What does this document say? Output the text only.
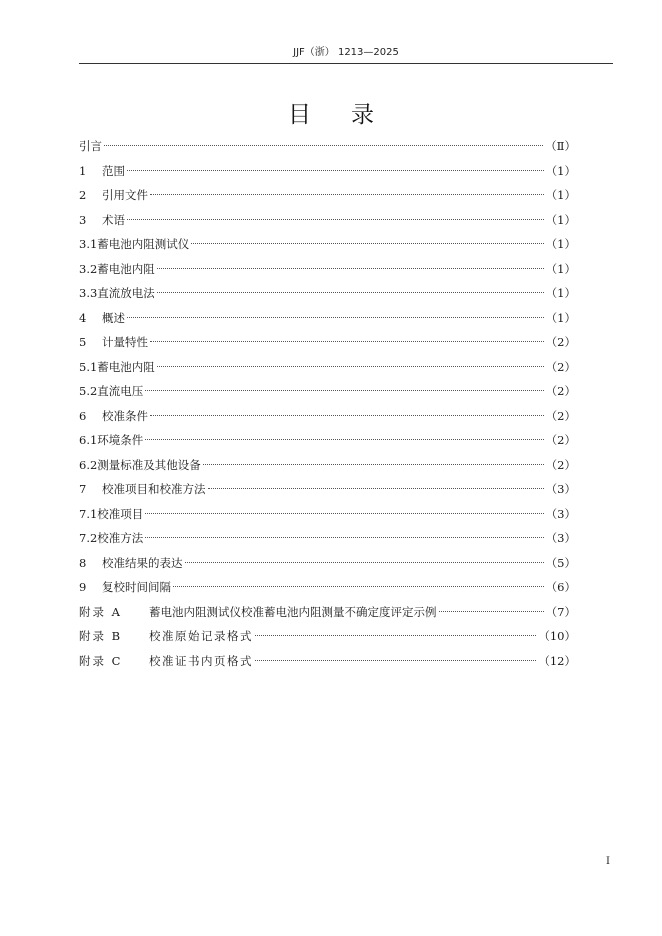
JJF（浙） 1213—2025
目 录
引言	（Ⅱ）
1	范围	（1）
2	引用文件	（1）
3	术语	（1）
3.1 蓄电池内阻测试仪	（1）
3.2 蓄电池内阻	（1）
3.3 直流放电法	（1）
4	概述	（1）
5	计量特性	（2）
5.1 蓄电池内阻	（2）
5.2 直流电压	（2）
6	校准条件	（2）
6.1 环境条件	（2）
6.2 测量标准及其他设备	（2）
7	校准项目和校准方法	（3）
7.1 校准项目	（3）
7.2 校准方法	（3）
8	校准结果的表达	（5）
9	复校时间间隔	（6）
附录 A	蓄电池内阻测试仪校准蓄电池内阻测量不确定度评定示例	（7）
附录 B	校准原始记录格式	（10）
附录 C	校准证书内页格式	（12）
I
